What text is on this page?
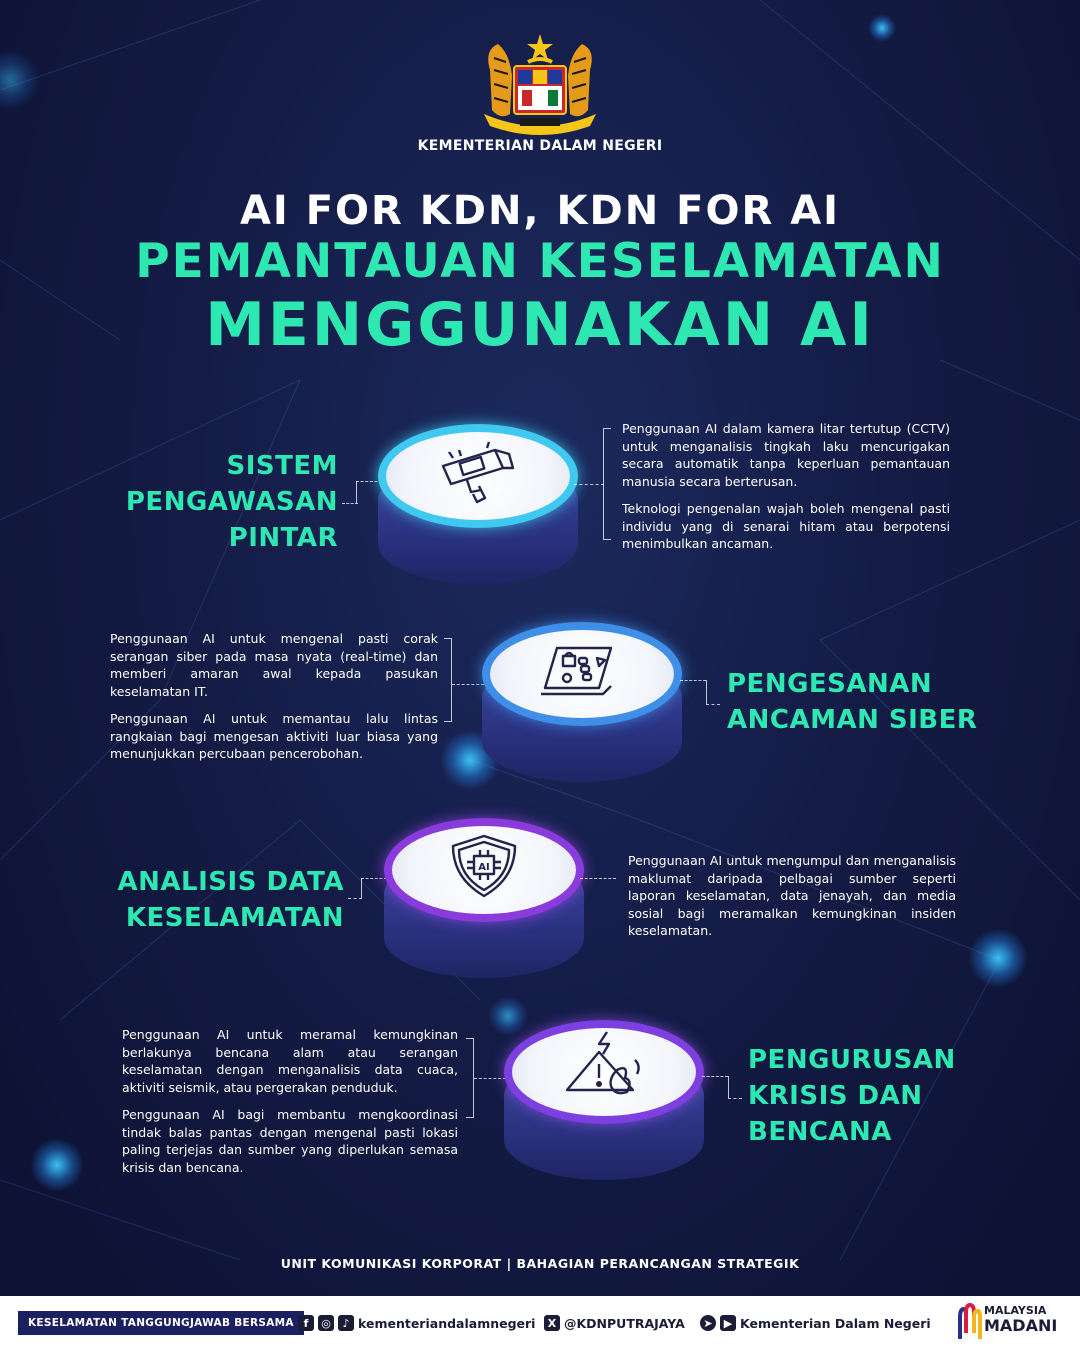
KEMENTERIAN DALAM NEGERI
AI FOR KDN, KDN FOR AI
PEMANTAUAN KESELAMATAN
MENGGUNAKAN AI
SISTEM
PENGAWASAN
PINTAR

Penggunaan AI dalam kamera litar tertutup (CCTV) untuk menganalisis tingkah laku mencurigakan secara automatik tanpa keperluan pemantauan manusia secara berterusan.

Teknologi pengenalan wajah boleh mengenal pasti individu yang di senarai hitam atau berpotensi menimbulkan ancaman.

Penggunaan AI untuk mengenal pasti corak serangan siber pada masa nyata (real-time) dan memberi amaran awal kepada pasukan keselamatan IT.

Penggunaan AI untuk memantau lalu lintas rangkaian bagi mengesan aktiviti luar biasa yang menunjukkan percubaan pencerobohan.

PENGESANAN
ANCAMAN SIBER
ANALISIS DATA
KESELAMATAN
AI	Penggunaan AI untuk mengumpul dan menganalisis maklumat daripada pelbagai sumber seperti laporan keselamatan, data jenayah, dan media sosial bagi meramalkan kemungkinan insiden keselamatan.

Penggunaan AI untuk meramal kemungkinan berlakunya bencana alam atau serangan keselamatan dengan menganalisis data cuaca, aktiviti seismik, atau pergerakan penduduk.

Penggunaan AI bagi membantu mengkoordinasi tindak balas pantas dengan mengenal pasti lokasi paling terjejas dan sumber yang diperlukan semasa krisis dan bencana.

PENGURUSAN
KRISIS DAN
BENCANA
UNIT KOMUNIKASI KORPORAT | BAHAGIAN PERANCANGAN STRATEGIK
KESELAMATAN TANGGUNGJAWAB BERSAMA f	◎	♪ kementeriandalamnegeri	X @KDNPUTRAJAYA	➤	▶ Kementerian Dalam Negeri
MALAYSIA
MADANI
